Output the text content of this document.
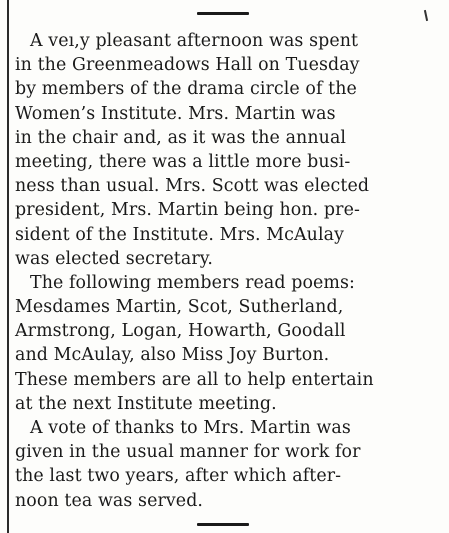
A veı,y pleasant afternoon was spent
in the Greenmeadows Hall on Tuesday
by members of the drama circle of the
Women’s Institute. Mrs. Martin was
in the chair and, as it was the annual
meeting, there was a little more busi-
ness than usual. Mrs. Scott was elected
president, Mrs. Martin being hon. pre-
sident of the Institute. Mrs. McAulay
was elected secretary.
The following members read poems:
Mesdames Martin, Scot, Sutherland,
Armstrong, Logan, Howarth, Goodall
and McAulay, also Miss Joy Burton.
These members are all to help entertain
at the next Institute meeting.
A vote of thanks to Mrs. Martin was
given in the usual manner for work for
the last two years, after which after-
noon tea was served.
